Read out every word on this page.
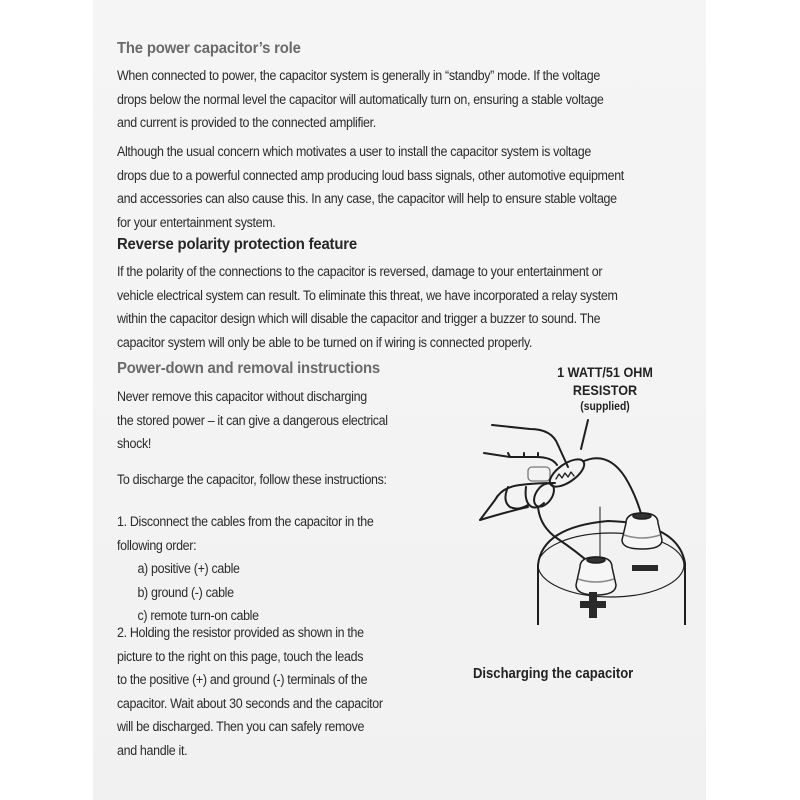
The power capacitor’s role
When connected to power, the capacitor system is generally in “standby” mode. If the voltage
drops below the normal level the capacitor will automatically turn on, ensuring a stable voltage
and current is provided to the connected amplifier.
Although the usual concern which motivates a user to install the capacitor system is voltage
drops due to a powerful connected amp producing loud bass signals, other automotive equipment
and accessories can also cause this. In any case, the capacitor will help to ensure stable voltage
for your entertainment system.
Reverse polarity protection feature
If the polarity of the connections to the capacitor is reversed, damage to your entertainment or
vehicle electrical system can result. To eliminate this threat, we have incorporated a relay system
within the capacitor design which will disable the capacitor and trigger a buzzer to sound. The
capacitor system will only be able to be turned on if wiring is connected properly.
Power-down and removal instructions
Never remove this capacitor without discharging
the stored power – it can give a dangerous electrical
shock!
To discharge the capacitor, follow these instructions:
1. Disconnect the cables from the capacitor in the
following order:
a) positive (+) cable
b) ground (-) cable
c) remote turn-on cable
2. Holding the resistor provided as shown in the
picture to the right on this page, touch the leads
to the positive (+) and ground (-) terminals of the
capacitor. Wait about 30 seconds and the capacitor
will be discharged. Then you can safely remove
and handle it.
1 WATT/51 OHM
RESISTOR
(supplied)
Discharging the capacitor
